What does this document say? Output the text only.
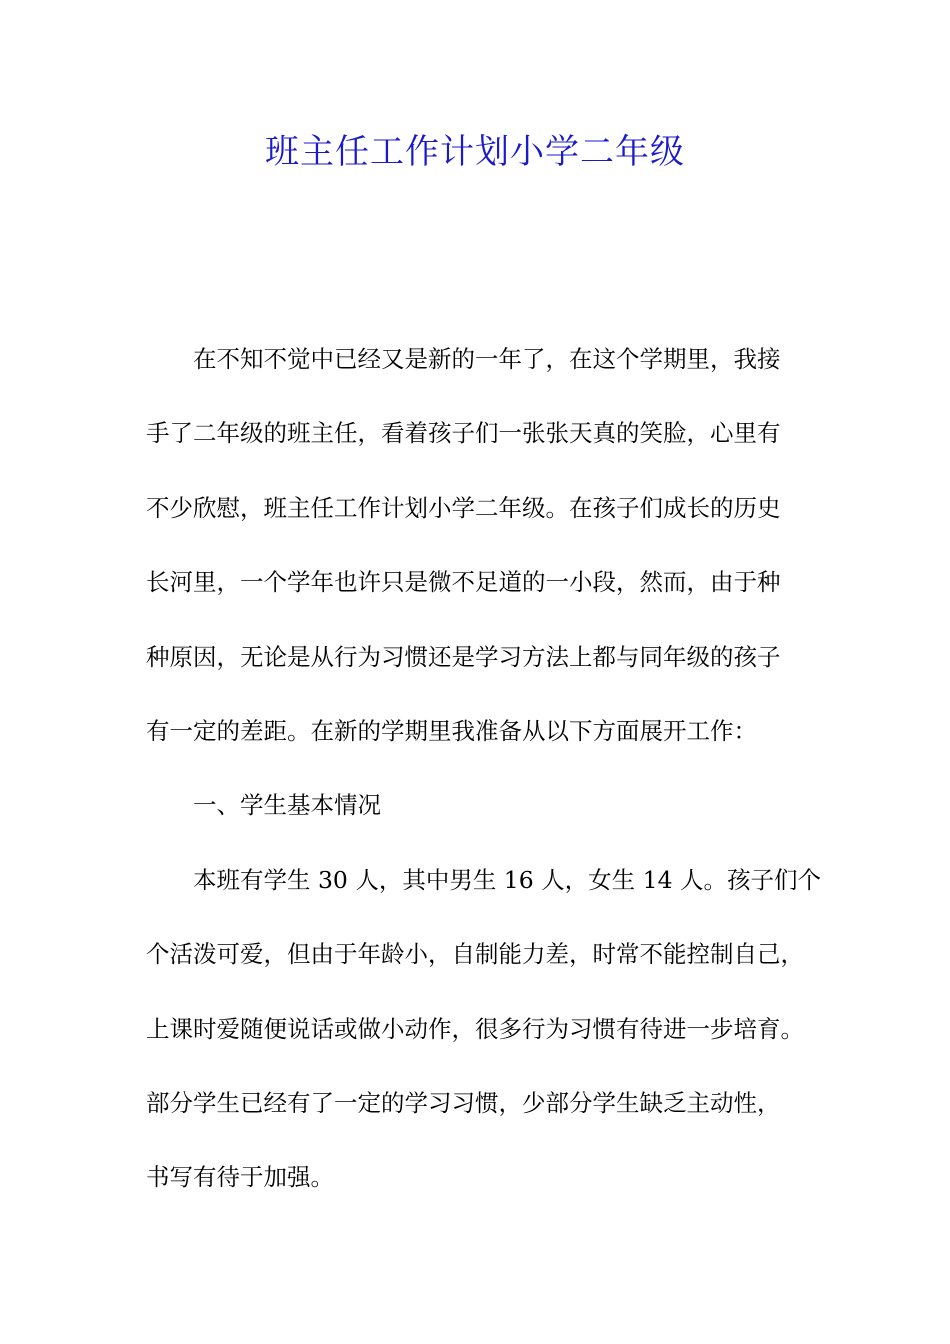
班主任工作计划小学二年级
在不知不觉中已经又是新的一年了，在这个学期里，我接
手了二年级的班主任，看着孩子们一张张天真的笑脸，心里有
不少欣慰，班主任工作计划小学二年级。在孩子们成长的历史
长河里，一个学年也许只是微不足道的一小段，然而，由于种
种原因，无论是从行为习惯还是学习方法上都与同年级的孩子
有一定的差距。在新的学期里我准备从以下方面展开工作：
一、学生基本情况
本班有学生 30 人，其中男生 16 人，女生 14 人。孩子们个
个活泼可爱，但由于年龄小，自制能力差，时常不能控制自己，
上课时爱随便说话或做小动作，很多行为习惯有待进一步培育。
部分学生已经有了一定的学习习惯，少部分学生缺乏主动性，
书写有待于加强。
